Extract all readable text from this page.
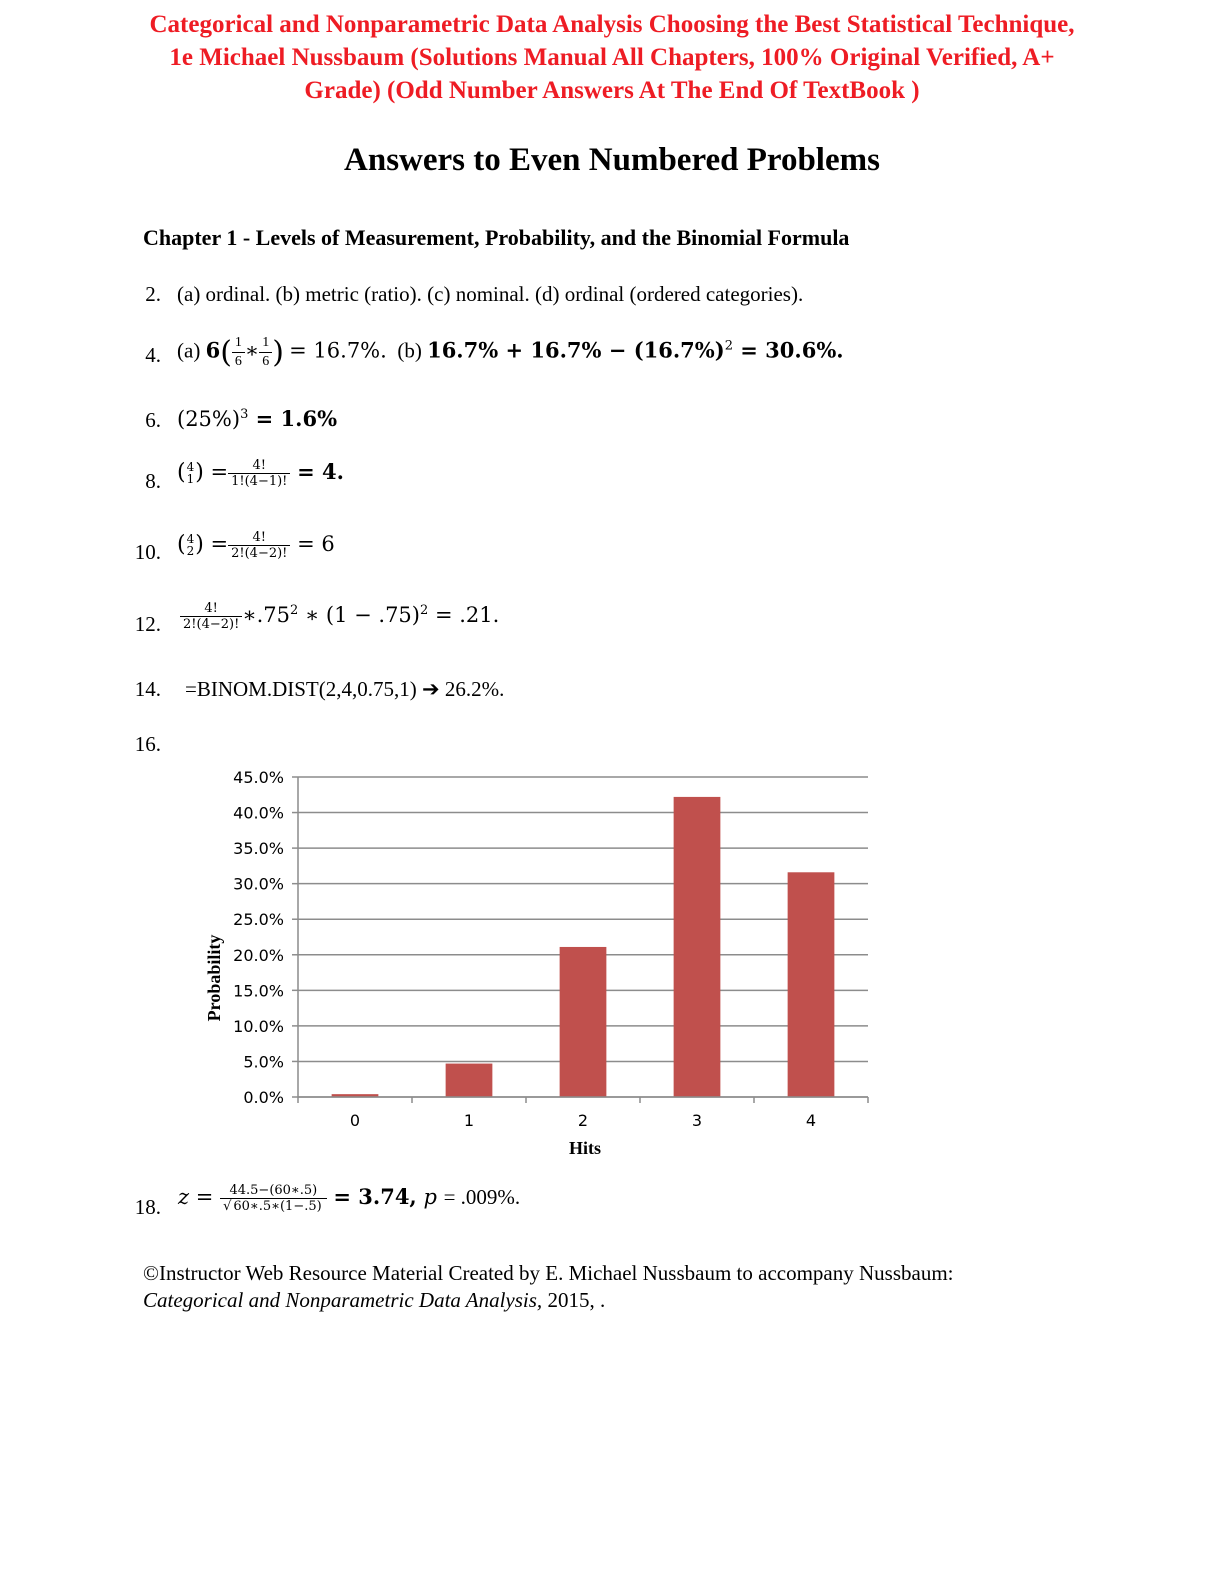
Categorical and Nonparametric Data Analysis Choosing the Best Statistical Technique,
1e Michael Nussbaum (Solutions Manual All Chapters, 100% Original Verified, A+
Grade) (Odd Number Answers At The End Of TextBook )
Answers to Even Numbered Problems
Chapter 1 - Levels of Measurement, Probability, and the Binomial Formula
2. (a) ordinal. (b) metric (ratio). (c) nominal. (d) ordinal (ordered categories).
4. (a) $6( \frac{1}{6}$ ∗ $\frac{1}{6}$ ) = 16.7%. (b) $16.7\% + 16.7\% - (16.7\%)^2 = 30.6\%$.
6. $(25\%)^3 = 1.6\%$
8. ( 4
1 ) = $\frac{4!}{1!(4-1)!} = 4$.
10. ( 4
2 ) = $\frac{4!}{2!(4-2)!} = 6$
12. $\frac{4!}{2!(4-2)!}$ $∗.75^2$ ∗ $(1 - .75)^2 = .21$.
14. =BINOM.DIST(2,4,0.75,1) ➔ 26.2%.
16.
0.0%
5.0%
10.0%
15.0%
20.0%
25.0%
30.0%
35.0%
40.0%
45.0%
0	1	2	3	4
Probability
Hits
18. $z = \frac{44.5-(60∗.5)}{√ 60∗.5∗(1-.5)} = 3.74$, p = .009%.
©Instructor Web Resource Material Created by E. Michael Nussbaum to accompany Nussbaum:
Categorical and Nonparametric Data Analysis, 2015, .
